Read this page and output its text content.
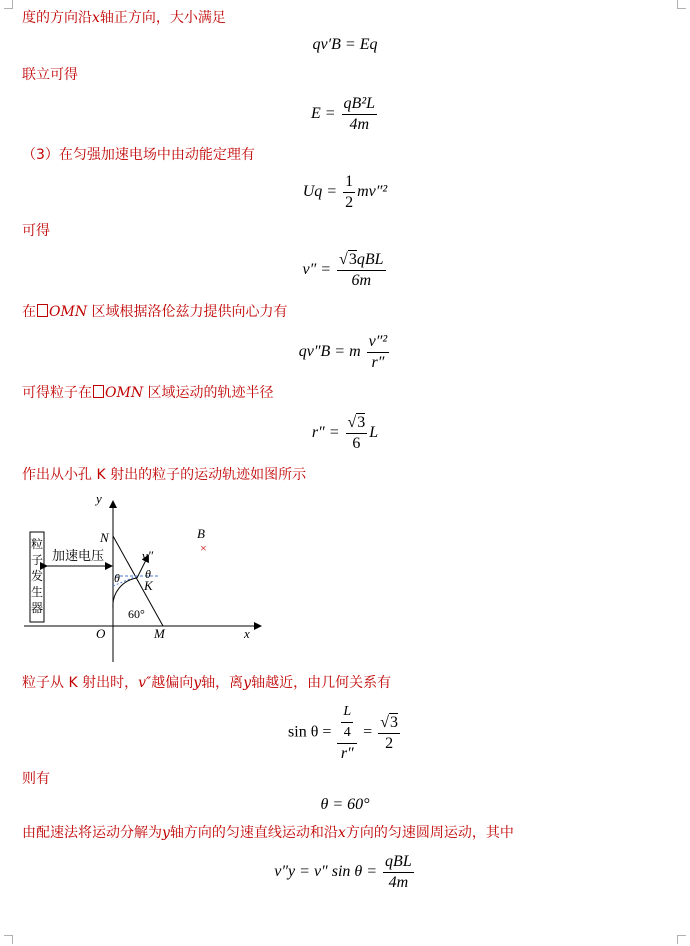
度的方向沿x轴正方向，大小满足
qv′B = Eq
联立可得
$E = \frac{\text{qB²L}}{4m}$
（3）在匀强加速电场中由动能定理有
$Uq = \frac{1}{2} mv''^2$
可得
$v'' = \frac{\text{√3qBL}}{6m}$
在 OMN 区域根据洛伦兹力提供向心力有
qv″B = m $\frac{\text{v″²}}{r''}$
可得粒子在 OMN 区域运动的轨迹半径
$r'' = \frac{√3}{6}$ L
作出从小孔 K 射出的粒子的运动轨迹如图所示
y
x
O
粒
子
发
生
器
加速电压
N
M
v″
θ
θ K
60°
B
×
粒子从 K 射出时，v″越偏向y轴，离y轴越近，由几何关系有
$\sin \theta = \frac{\frac{L}{4}}{r''} = \frac{√3}{2}$
则有
θ = 60°
由配速法将运动分解为y轴方向的匀速直线运动和沿x方向的匀速圆周运动，其中
v″y = v″ $\sin \theta = \frac{\text{qBL}}{4m}$
